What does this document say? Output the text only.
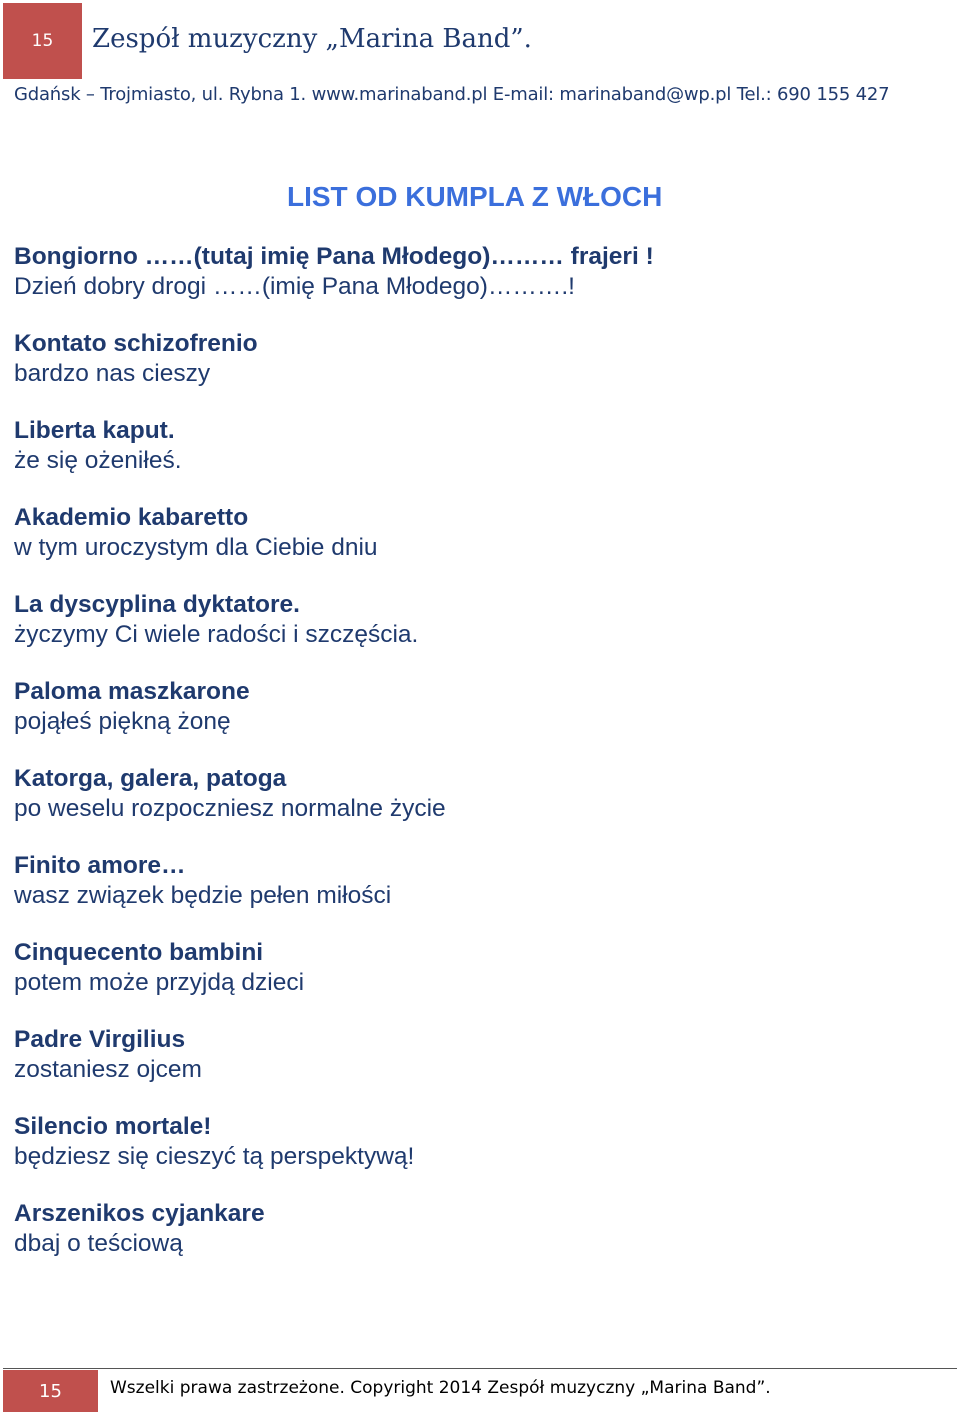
15	Zespół muzyczny „Marina Band”.
Gdańsk – Trojmiasto, ul. Rybna 1. www.marinaband.pl E-mail: marinaband@wp.pl Tel.: 690 155 427
LIST OD KUMPLA Z WŁOCH
Bongiorno ……(tutaj imię Pana Młodego)……… frajeri !
Dzień dobry drogi ……(imię Pana Młodego)……….!
Kontato schizofrenio
bardzo nas cieszy
Liberta kaput.
że się ożeniłeś.
Akademio kabaretto
w tym uroczystym dla Ciebie dniu
La dyscyplina dyktatore.
życzymy Ci wiele radości i szczęścia.
Paloma maszkarone
pojąłeś piękną żonę
Katorga, galera, patoga
po weselu rozpoczniesz normalne życie
Finito amore…
wasz związek będzie pełen miłości
Cinquecento bambini
potem może przyjdą dzieci
Padre Virgilius
zostaniesz ojcem
Silencio mortale!
będziesz się cieszyć tą perspektywą!
Arszenikos cyjankare
dbaj o teściową
15	Wszelki prawa zastrzeżone. Copyright 2014 Zespół muzyczny „Marina Band”.
